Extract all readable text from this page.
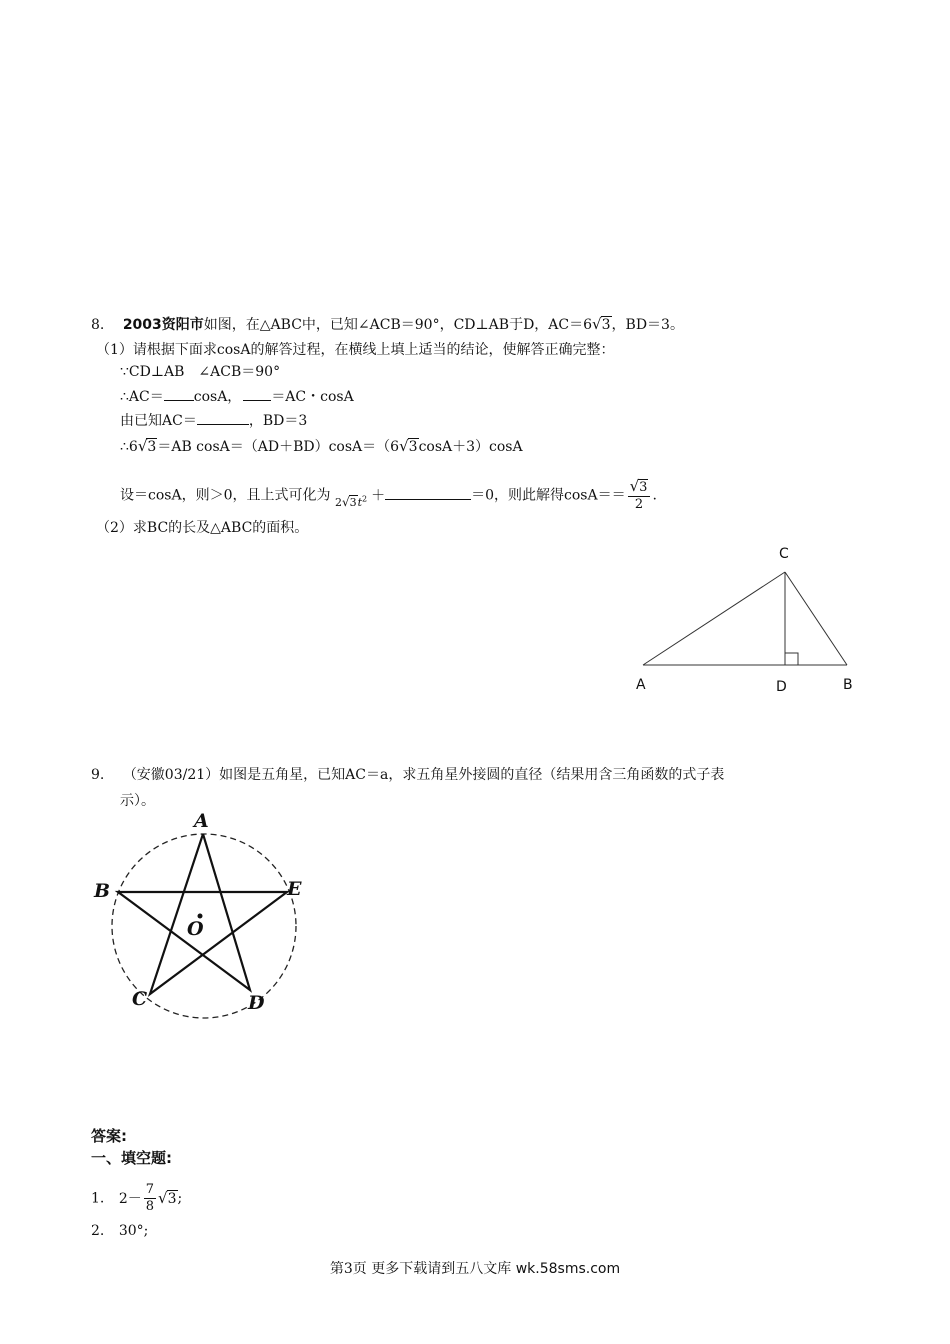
8. 2003资阳市如图，在△ABC中，已知∠ACB＝90°，CD⊥AB于D，AC＝6√3，BD＝3。
（1）请根据下面求cosA的解答过程，在横线上填上适当的结论，使解答正确完整：
∵CD⊥AB　∠ACB＝90°
∴AC＝ cosA， ＝AC・cosA
由已知AC＝	，BD＝3
∴6√3＝AB cosA＝（AD＋BD）cosA＝（6√3cosA＋3）cosA
设＝cosA，则＞0，且上式可化为 $_{2√3t^2}$ ＋	＝0，则此解得$\cos A== \frac{√3}{2}$ .
（2）求BC的长及△ABC的面积。
C
A	D	B
9. （安徽03/21）如图是五角星，已知AC＝a，求五角星外接圆的直径（结果用含三角函数的式子表
示）。
A
B	E
O
C	D
答案:
一、填空题:
1. $2- \frac{7}{8} √3$;
2. 30°;
第3页 更多下载请到五八文库 wk.58sms.com
